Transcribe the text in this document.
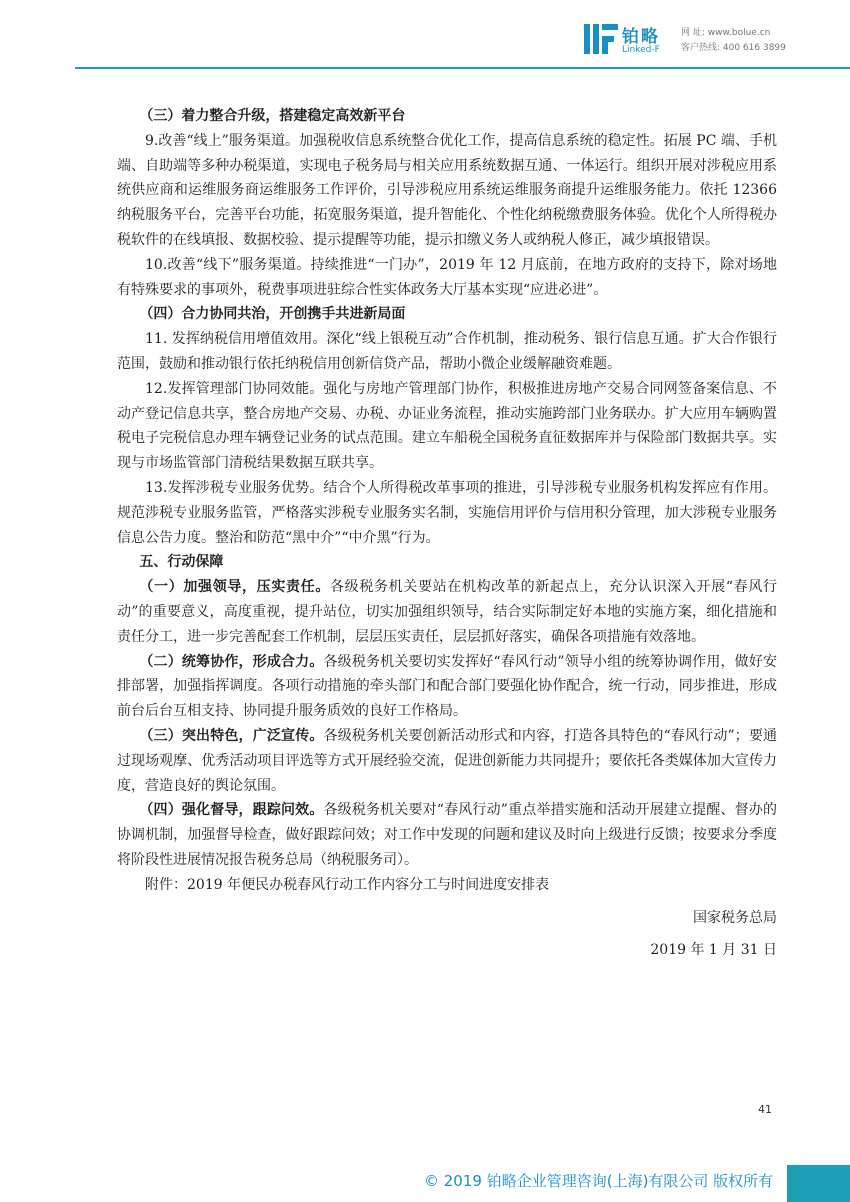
铂略
Linked-F
网 址: www.bolue.cn
客户热线: 400 616 3899

（三）着力整合升级，搭建稳定高效新平台

9.改善“线上”服务渠道。加强税收信息系统整合优化工作，提高信息系统的稳定性。拓展 PC 端、手机端、自助端等多种办税渠道，实现电子税务局与相关应用系统数据互通、一体运行。组织开展对涉税应用系统供应商和运维服务商运维服务工作评价，引导涉税应用系统运维服务商提升运维服务能力。依托 12366 纳税服务平台，完善平台功能，拓宽服务渠道，提升智能化、个性化纳税缴费服务体验。优化个人所得税办税软件的在线填报、数据校验、提示提醒等功能，提示扣缴义务人或纳税人修正，减少填报错误。

10.改善“线下”服务渠道。持续推进“一门办”，2019 年 12 月底前，在地方政府的支持下，除对场地有特殊要求的事项外，税费事项进驻综合性实体政务大厅基本实现“应进必进”。

（四）合力协同共治，开创携手共进新局面

11. 发挥纳税信用增值效用。深化“线上银税互动”合作机制，推动税务、银行信息互通。扩大合作银行范围，鼓励和推动银行依托纳税信用创新信贷产品，帮助小微企业缓解融资难题。

12.发挥管理部门协同效能。强化与房地产管理部门协作，积极推进房地产交易合同网签备案信息、不动产登记信息共享，整合房地产交易、办税、办证业务流程，推动实施跨部门业务联办。扩大应用车辆购置税电子完税信息办理车辆登记业务的试点范围。建立车船税全国税务直征数据库并与保险部门数据共享。实现与市场监管部门清税结果数据互联共享。

13.发挥涉税专业服务优势。结合个人所得税改革事项的推进，引导涉税专业服务机构发挥应有作用。规范涉税专业服务监管，严格落实涉税专业服务实名制，实施信用评价与信用积分管理，加大涉税专业服务信息公告力度。整治和防范“黑中介”“中介黑”行为。

五、行动保障

（一）加强领导，压实责任。各级税务机关要站在机构改革的新起点上，充分认识深入开展“春风行动”的重要意义，高度重视，提升站位，切实加强组织领导，结合实际制定好本地的实施方案，细化措施和责任分工，进一步完善配套工作机制，层层压实责任，层层抓好落实，确保各项措施有效落地。

（二）统筹协作，形成合力。各级税务机关要切实发挥好“春风行动”领导小组的统筹协调作用，做好安排部署，加强指挥调度。各项行动措施的牵头部门和配合部门要强化协作配合，统一行动，同步推进，形成前台后台互相支持、协同提升服务质效的良好工作格局。

（三）突出特色，广泛宣传。各级税务机关要创新活动形式和内容，打造各具特色的“春风行动”；要通过现场观摩、优秀活动项目评选等方式开展经验交流，促进创新能力共同提升；要依托各类媒体加大宣传力度，营造良好的舆论氛围。

（四）强化督导，跟踪问效。各级税务机关要对“春风行动”重点举措实施和活动开展建立提醒、督办的协调机制，加强督导检查，做好跟踪问效；对工作中发现的问题和建议及时向上级进行反馈；按要求分季度将阶段性进展情况报告税务总局（纳税服务司）。

附件：2019 年便民办税春风行动工作内容分工与时间进度安排表

国家税务总局

2019 年 1 月 31 日

41
© 2019 铂略企业管理咨询(上海)有限公司 版权所有
